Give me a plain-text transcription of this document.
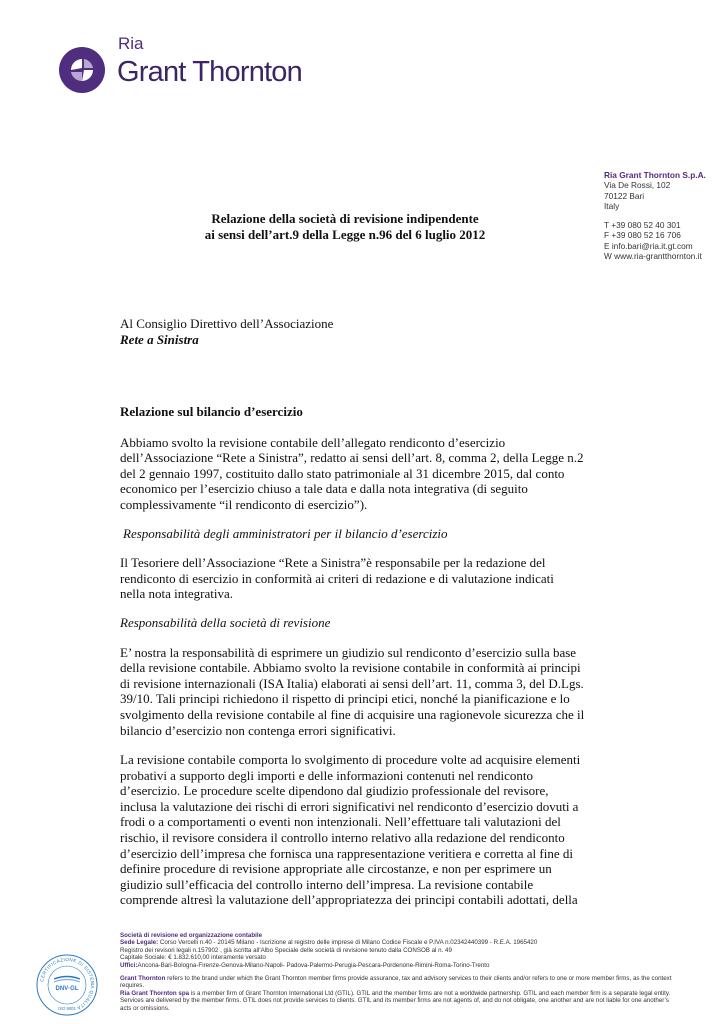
Ria
Grant Thornton
Ria Grant Thornton S.p.A.
Via De Rossi, 102
70122 Bari
Italy
T +39 080 52 40 301
F +39 080 52 16 706
E info.bari@ria.it.gt.com
W www.ria-grantthornton.it
Relazione della società di revisione indipendente
ai sensi dell’art.9 della Legge n.96 del 6 luglio 2012
Al Consiglio Direttivo dell’Associazione
Rete a Sinistra

Relazione sul bilancio d’esercizio

Abbiamo svolto la revisione contabile dell’allegato rendiconto d’esercizio
dell’Associazione “Rete a Sinistra”, redatto ai sensi dell’art. 8, comma 2, della Legge n.2
del 2 gennaio 1997, costituito dallo stato patrimoniale al 31 dicembre 2015, dal conto
economico per l’esercizio chiuso a tale data e dalla nota integrativa (di seguito
complessivamente “il rendiconto di esercizio”).

Responsabilità degli amministratori per il bilancio d’esercizio

Il Tesoriere dell’Associazione “Rete a Sinistra”è responsabile per la redazione del
rendiconto di esercizio in conformità ai criteri di redazione e di valutazione indicati
nella nota integrativa.

Responsabilità della società di revisione

E’ nostra la responsabilità di esprimere un giudizio sul rendiconto d’esercizio sulla base
della revisione contabile. Abbiamo svolto la revisione contabile in conformità ai principi
di revisione internazionali (ISA Italia) elaborati ai sensi dell’art. 11, comma 3, del D.Lgs.
39/10. Tali principi richiedono il rispetto di principi etici, nonché la pianificazione e lo
svolgimento della revisione contabile al fine di acquisire una ragionevole sicurezza che il
bilancio d’esercizio non contenga errori significativi.
La revisione contabile comporta lo svolgimento di procedure volte ad acquisire elementi
probativi a supporto degli importi e delle informazioni contenuti nel rendiconto
d’esercizio. Le procedure scelte dipendono dal giudizio professionale del revisore,
inclusa la valutazione dei rischi di errori significativi nel rendiconto d’esercizio dovuti a
frodi o a comportamenti o eventi non intenzionali. Nell’effettuare tali valutazioni del
rischio, il revisore considera il controllo interno relativo alla redazione del rendiconto
d’esercizio dell’impresa che fornisca una rappresentazione veritiera e corretta al fine di
definire procedure di revisione appropriate alle circostanze, e non per esprimere un
giudizio sull’efficacia del controllo interno dell’impresa. La revisione contabile
comprende altresì la valutazione dell’appropriatezza dei principi contabili adottati, della
CERTIFICAZIONE DI SISTEMA QUALITÀ
DNV·GL
ISO 9001
Società di revisione ed organizzazione contabile
Sede Legale: Corso Vercelli n.40 - 20145 Milano - Iscrizione al registro delle imprese di Milano Codice Fiscale e P.IVA n.02342440399 - R.E.A. 1965420
Registro dei revisori legali n.157902 , già iscritta all’Albo Speciale delle società di revisione tenuto dalla CONSOB al n. 49
Capitale Sociale: € 1.832.610,00 interamente versato
Uffici:Ancona-Bari-Bologna-Firenze-Genova-Milano-Napoli- Padova-Palermo-Perugia-Pescara-Pordenone-Rimini-Roma-Torino-Trento
Grant Thornton refers to the brand under which the Grant Thornton member firms provide assurance, tax and advisory services to their clients and/or refers to one or more member firms, as the context requires.
Ria Grant Thornton spa is a member firm of Grant Thornton International Ltd (GTIL). GTIL and the member firms are not a worldwide partnership. GTIL and each member firm is a separate legal entity.
Services are delivered by the member firms. GTIL does not provide services to clients. GTIL and its member firms are not agents of, and do not obligate, one another and are not liable for one another’s acts or omissions.
